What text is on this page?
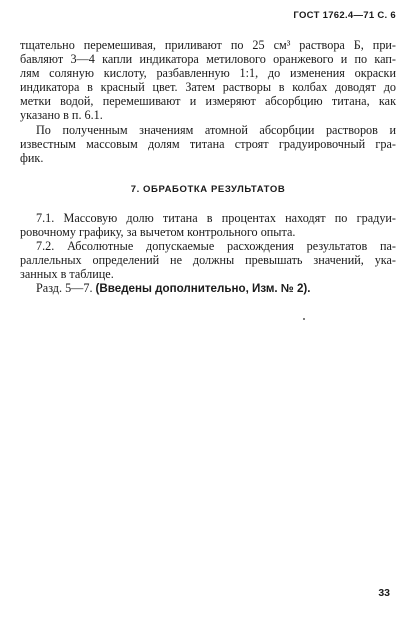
ГОСТ 1762.4—71 С. 6
тщательно перемешивая, приливают по 25 см³ раствора Б, при-
бавляют 3—4 капли индикатора метилового оранжевого и по кап-
лям соляную кислоту, разбавленную 1:1, до изменения окраски
индикатора в красный цвет. Затем растворы в колбах доводят до
метки водой, перемешивают и измеряют абсорбцию титана, как
указано в п. 6.1.
По полученным значениям атомной абсорбции растворов и
известным массовым долям титана строят градуировочный гра-
фик.
7. ОБРАБОТКА РЕЗУЛЬТАТОВ
7.1. Массовую долю титана в процентах находят по градуи-
ровочному графику, за вычетом контрольного опыта.
7.2. Абсолютные допускаемые расхождения результатов па-
раллельных определений не должны превышать значений, ука-
занных в таблице.
Разд. 5—7. (Введены дополнительно, Изм. № 2).
33
